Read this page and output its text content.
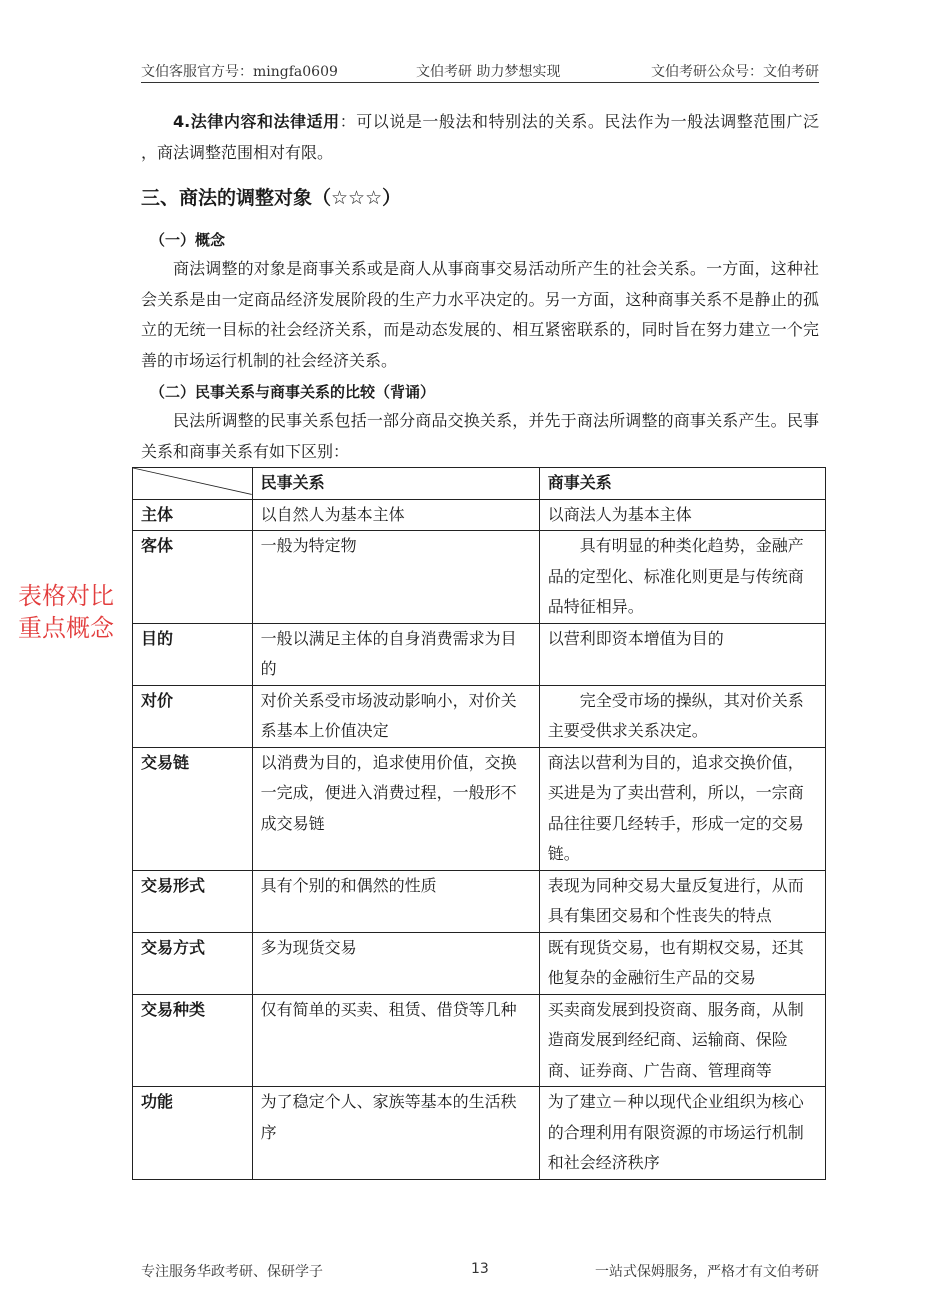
文伯客服官方号：mingfa0609	文伯考研 助力梦想实现	文伯考研公众号：文伯考研

4.法律内容和法律适用：可以说是一般法和特别法的关系。民法作为一般法调整范围广泛 ，商法调整范围相对有限。

三、商法的调整对象（☆☆☆）
（一）概念

商法调整的对象是商事关系或是商人从事商事交易活动所产生的社会关系。一方面，这种社会关系是由一定商品经济发展阶段的生产力水平决定的。另一方面，这种商事关系不是静止的孤立的无统一目标的社会经济关系，而是动态发展的、相互紧密联系的，同时旨在努力建立一个完善的市场运行机制的社会经济关系。

（二）民事关系与商事关系的比较（背诵）

民法所调整的民事关系包括一部分商品交换关系，并先于商法所调整的商事关系产生。民事关系和商事关系有如下区别：

	民事关系	商事关系
主体	以自然人为基本主体	以商法人为基本主体
客体	一般为特定物	具有明显的种类化趋势，金融产品的定型化、标准化则更是与传统商品特征相异。
目的	一般以满足主体的自身消费需求为目的	以营利即资本增值为目的
对价	对价关系受市场波动影响小，对价关系基本上价值决定	完全受市场的操纵，其对价关系主要受供求关系决定。
交易链	以消费为目的，追求使用价值，交换一完成，便进入消费过程，一般形不成交易链	商法以营利为目的，追求交换价值，买进是为了卖出营利，所以，一宗商品往往要几经转手，形成一定的交易链。
交易形式	具有个别的和偶然的性质	表现为同种交易大量反复进行，从而具有集团交易和个性丧失的特点
交易方式	多为现货交易	既有现货交易，也有期权交易，还其他复杂的金融衍生产品的交易
交易种类	仅有简单的买卖、租赁、借贷等几种	买卖商发展到投资商、服务商，从制造商发展到经纪商、运输商、保险商、证券商、广告商、管理商等
功能	为了稳定个人、家族等基本的生活秩序	为了建立－种以现代企业组织为核心的合理利用有限资源的市场运行机制和社会经济秩序
表格对比
重点概念
专注服务华政考研、保研学子	13	一站式保姆服务，严格才有文伯考研
